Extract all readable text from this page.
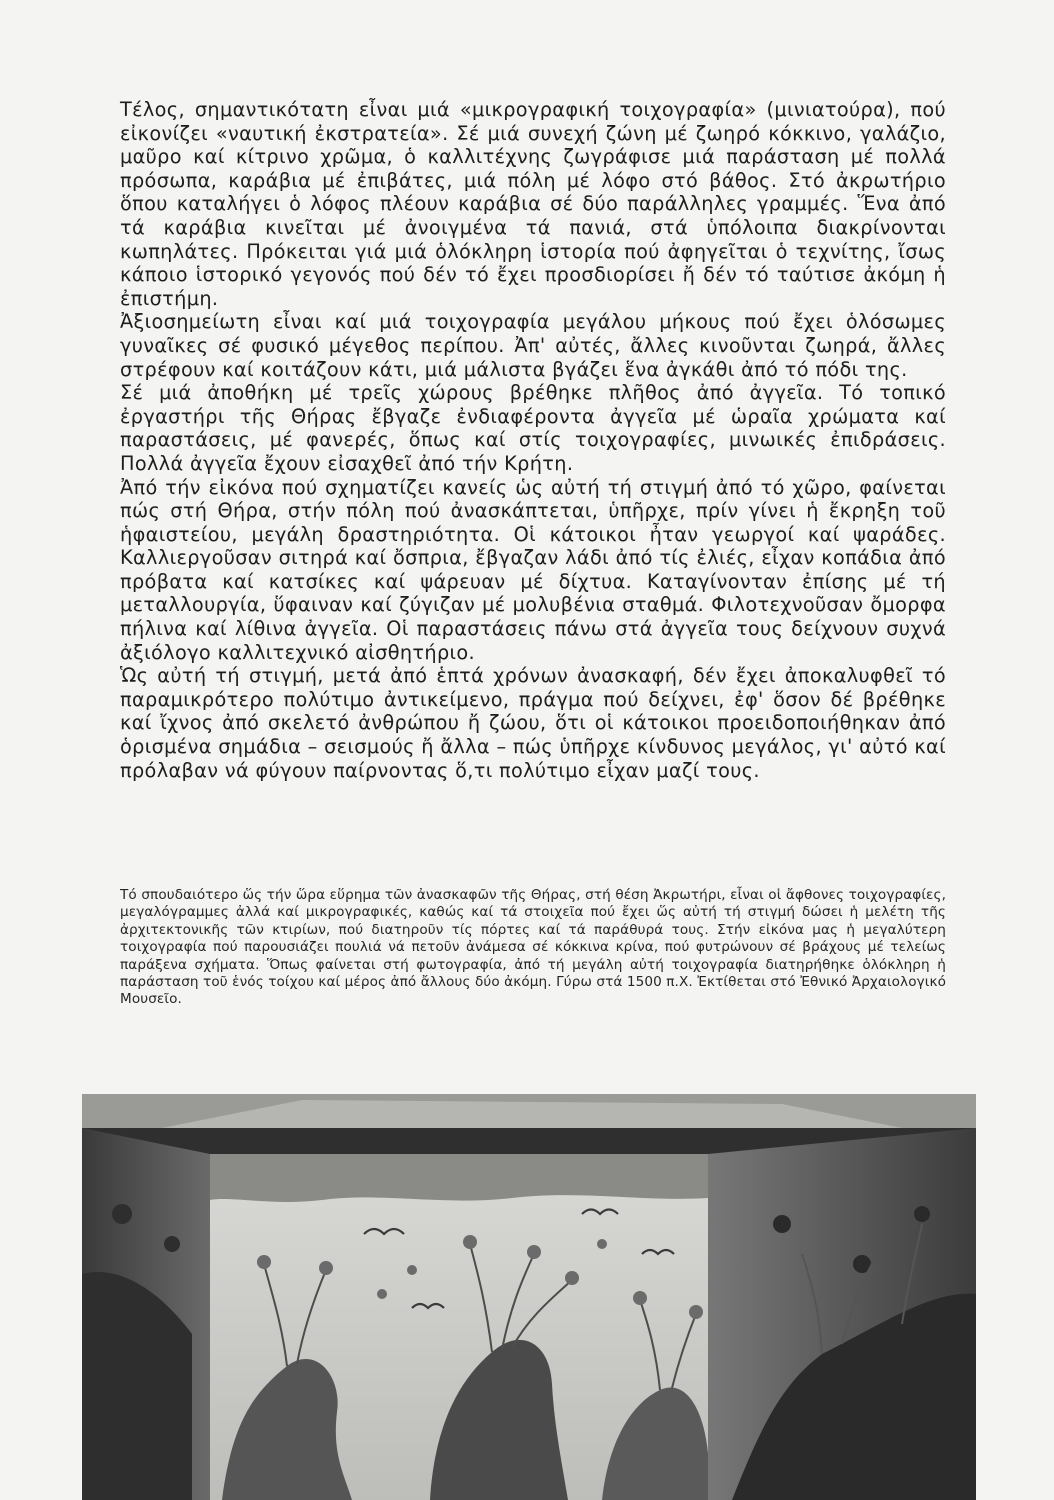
Τέλος, σημαντικότατη εἶναι μιά «μικρογραφική τοιχογραφία» (μινιατούρα), πού εἰκονίζει «ναυτική ἐκστρατεία». Σέ μιά συνεχή ζώνη μέ ζωηρό κόκκινο, γαλάζιο, μαῦρο καί κίτρινο χρῶμα, ὁ καλλιτέχνης ζωγράφισε μιά παράσταση μέ πολλά πρόσωπα, καράβια μέ ἐπιβάτες, μιά πόλη μέ λόφο στό βάθος. Στό ἀκρωτήριο ὅπου καταλήγει ὁ λόφος πλέουν καράβια σέ δύο παράλληλες γραμμές. Ἕνα ἀπό τά καράβια κινεῖται μέ ἀνοιγμένα τά πανιά, στά ὑπόλοιπα διακρίνονται κωπηλάτες. Πρόκειται γιά μιά ὁλόκληρη ἱστορία πού ἀφηγεῖται ὁ τεχνίτης, ἴσως κάποιο ἱστορικό γεγονός πού δέν τό ἔχει προσδιορίσει ἤ δέν τό ταύτισε ἀκόμη ἡ ἐπιστήμη.

Ἀξιοσημείωτη εἶναι καί μιά τοιχογραφία μεγάλου μήκους πού ἔχει ὁλόσωμες γυναῖκες σέ φυσικό μέγεθος περίπου. Ἀπ' αὐτές, ἄλλες κινοῦνται ζωηρά, ἄλλες στρέφουν καί κοιτάζουν κάτι, μιά μάλιστα βγάζει ἕνα ἀγκάθι ἀπό τό πόδι της.

Σέ μιά ἀποθήκη μέ τρεῖς χώρους βρέθηκε πλῆθος ἀπό ἀγγεῖα. Τό τοπικό ἐργαστήρι τῆς Θήρας ἔβγαζε ἐνδιαφέροντα ἀγγεῖα μέ ὡραῖα χρώματα καί παραστάσεις, μέ φανερές, ὅπως καί στίς τοιχογραφίες, μινωικές ἐπιδράσεις. Πολλά ἀγγεῖα ἔχουν εἰσαχθεῖ ἀπό τήν Κρήτη.

Ἀπό τήν εἰκόνα πού σχηματίζει κανείς ὡς αὐτή τή στιγμή ἀπό τό χῶρο, φαίνεται πώς στή Θήρα, στήν πόλη πού ἀνασκάπτεται, ὑπῆρχε, πρίν γίνει ἡ ἔκρηξη τοῦ ἡφαιστείου, μεγάλη δραστηριότητα. Οἱ κάτοικοι ἦταν γεωργοί καί ψαράδες. Καλλιεργοῦσαν σιτηρά καί ὄσπρια, ἔβγαζαν λάδι ἀπό τίς ἐλιές, εἶχαν κοπάδια ἀπό πρόβατα καί κατσίκες καί ψάρευαν μέ δίχτυα. Καταγίνονταν ἐπίσης μέ τή μεταλλουργία, ὕφαιναν καί ζύγιζαν μέ μολυβένια σταθμά. Φιλοτεχνοῦσαν ὄμορφα πήλινα καί λίθινα ἀγγεῖα. Οἱ παραστάσεις πάνω στά ἀγγεῖα τους δείχνουν συχνά ἀξιόλογο καλλιτεχνικό αἰσθητήριο.

Ὡς αὐτή τή στιγμή, μετά ἀπό ἑπτά χρόνων ἀνασκαφή, δέν ἔχει ἀποκαλυφθεῖ τό παραμικρότερο πολύτιμο ἀντικείμενο, πράγμα πού δείχνει, ἐφ' ὅσον δέ βρέθηκε καί ἴχνος ἀπό σκελετό ἀνθρώπου ἤ ζώου, ὅτι οἱ κάτοικοι προειδοποιήθηκαν ἀπό ὁρισμένα σημάδια – σεισμούς ἤ ἄλλα – πώς ὑπῆρχε κίνδυνος μεγάλος, γι' αὐτό καί πρόλαβαν νά φύγουν παίρνοντας ὅ,τι πολύτιμο εἶχαν μαζί τους.

Τό σπουδαιότερο ὥς τήν ὥρα εὕρημα τῶν ἀνασκαφῶν τῆς Θήρας, στή θέση Ἀκρωτήρι, εἶναι οἱ ἄφθονες τοιχογραφίες, μεγαλόγραμμες ἀλλά καί μικρογραφικές, καθώς καί τά στοιχεῖα πού ἔχει ὥς αὐτή τή στιγμή δώσει ἡ μελέτη τῆς ἀρχιτεκτονικῆς τῶν κτιρίων, πού διατηροῦν τίς πόρτες καί τά παράθυρά τους. Στήν εἰκόνα μας ἡ μεγαλύτερη τοιχογραφία πού παρουσιάζει πουλιά νά πετοῦν ἀνάμεσα σέ κόκκινα κρίνα, πού φυτρώνουν σέ βράχους μέ τελείως παράξενα σχήματα. Ὅπως φαίνεται στή φωτογραφία, ἀπό τή μεγάλη αὐτή τοιχογραφία διατηρήθηκε ὁλόκληρη ἡ παράσταση τοῦ ἑνός τοίχου καί μέρος ἀπό ἄλλους δύο ἀκόμη. Γύρω στά 1500 π.Χ. Ἐκτίθεται στό Ἐθνικό Ἀρχαιολογικό Μουσεῖο.
